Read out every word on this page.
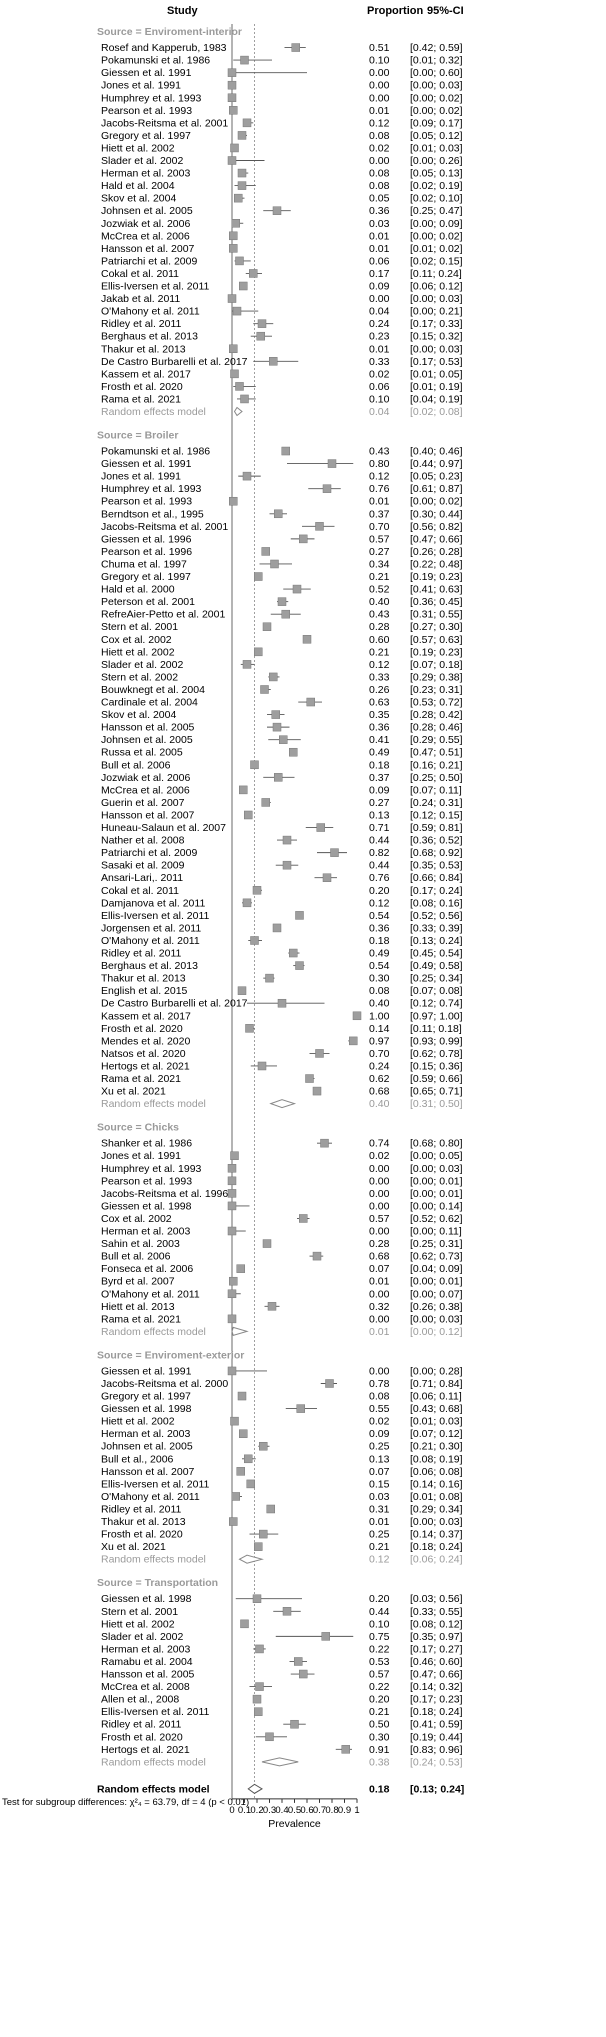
Study	Proportion 95%-CI
Source = Enviroment-interior
Rosef and Kapperub, 1983	0.51 [0.42; 0.59]
Pokamunski et al. 1986	0.10 [0.01; 0.32]
Giessen et al. 1991	0.00 [0.00; 0.60]
Jones et al. 1991	0.00 [0.00; 0.03]
Humphrey et al. 1993	0.00 [0.00; 0.02]
Pearson et al. 1993	0.01 [0.00; 0.02]
Jacobs-Reitsma et al. 2001	0.12 [0.09; 0.17]
Gregory et al. 1997	0.08 [0.05; 0.12]
Hiett et al. 2002	0.02 [0.01; 0.03]
Slader et al. 2002	0.00 [0.00; 0.26]
Herman et al. 2003	0.08 [0.05; 0.13]
Hald et al. 2004	0.08 [0.02; 0.19]
Skov et al. 2004	0.05 [0.02; 0.10]
Johnsen et al. 2005	0.36 [0.25; 0.47]
Jozwiak et al. 2006	0.03 [0.00; 0.09]
McCrea et al. 2006	0.01 [0.00; 0.02]
Hansson et al. 2007	0.01 [0.01; 0.02]
Patriarchi et al. 2009	0.06 [0.02; 0.15]
Cokal et al. 2011	0.17 [0.11; 0.24]
Ellis-Iversen et al. 2011	0.09 [0.06; 0.12]
Jakab et al. 2011	0.00 [0.00; 0.03]
O'Mahony et al. 2011	0.04 [0.00; 0.21]
Ridley et al. 2011	0.24 [0.17; 0.33]
Berghaus et al. 2013	0.23 [0.15; 0.32]
Thakur et al. 2013	0.01 [0.00; 0.03]
De Castro Burbarelli et al. 2017	0.33 [0.17; 0.53]
Kassem et al. 2017	0.02 [0.01; 0.05]
Frosth et al. 2020	0.06 [0.01; 0.19]
Rama et al. 2021	0.10 [0.04; 0.19]
Random effects model	0.04 [0.02; 0.08]
Source = Broiler
Pokamunski et al. 1986	0.43 [0.40; 0.46]
Giessen et al. 1991	0.80 [0.44; 0.97]
Jones et al. 1991	0.12 [0.05; 0.23]
Humphrey et al. 1993	0.76 [0.61; 0.87]
Pearson et al. 1993	0.01 [0.00; 0.02]
Berndtson et al., 1995	0.37 [0.30; 0.44]
Jacobs-Reitsma et al. 2001	0.70 [0.56; 0.82]
Giessen et al. 1996	0.57 [0.47; 0.66]
Pearson et al. 1996	0.27 [0.26; 0.28]
Chuma et al. 1997	0.34 [0.22; 0.48]
Gregory et al. 1997	0.21 [0.19; 0.23]
Hald et al. 2000	0.52 [0.41; 0.63]
Peterson et al. 2001	0.40 [0.36; 0.45]
RefreAier-Petto et al. 2001	0.43 [0.31; 0.55]
Stern et al. 2001	0.28 [0.27; 0.30]
Cox et al. 2002	0.60 [0.57; 0.63]
Hiett et al. 2002	0.21 [0.19; 0.23]
Slader et al. 2002	0.12 [0.07; 0.18]
Stern et al. 2002	0.33 [0.29; 0.38]
Bouwknegt et al. 2004	0.26 [0.23; 0.31]
Cardinale et al. 2004	0.63 [0.53; 0.72]
Skov et al. 2004	0.35 [0.28; 0.42]
Hansson et al. 2005	0.36 [0.28; 0.46]
Johnsen et al. 2005	0.41 [0.29; 0.55]
Russa et al. 2005	0.49 [0.47; 0.51]
Bull et al. 2006	0.18 [0.16; 0.21]
Jozwiak et al. 2006	0.37 [0.25; 0.50]
McCrea et al. 2006	0.09 [0.07; 0.11]
Guerin et al. 2007	0.27 [0.24; 0.31]
Hansson et al. 2007	0.13 [0.12; 0.15]
Huneau-Salaun et al. 2007	0.71 [0.59; 0.81]
Nather et al. 2008	0.44 [0.36; 0.52]
Patriarchi et al. 2009	0.82 [0.68; 0.92]
Sasaki et al. 2009	0.44 [0.35; 0.53]
Ansari-Lari,. 2011	0.76 [0.66; 0.84]
Cokal et al. 2011	0.20 [0.17; 0.24]
Damjanova et al. 2011	0.12 [0.08; 0.16]
Ellis-Iversen et al. 2011	0.54 [0.52; 0.56]
Jorgensen et al. 2011	0.36 [0.33; 0.39]
O'Mahony et al. 2011	0.18 [0.13; 0.24]
Ridley et al. 2011	0.49 [0.45; 0.54]
Berghaus et al. 2013	0.54 [0.49; 0.58]
Thakur et al. 2013	0.30 [0.25; 0.34]
English et al. 2015	0.08 [0.07; 0.08]
De Castro Burbarelli et al. 2017	0.40 [0.12; 0.74]
Kassem et al. 2017	1.00 [0.97; 1.00]
Frosth et al. 2020	0.14 [0.11; 0.18]
Mendes et al. 2020	0.97 [0.93; 0.99]
Natsos et al. 2020	0.70 [0.62; 0.78]
Hertogs et al. 2021	0.24 [0.15; 0.36]
Rama et al. 2021	0.62 [0.59; 0.66]
Xu et al. 2021	0.68 [0.65; 0.71]
Random effects model	0.40 [0.31; 0.50]
Source = Chicks
Shanker et al. 1986	0.74 [0.68; 0.80]
Jones et al. 1991	0.02 [0.00; 0.05]
Humphrey et al. 1993	0.00 [0.00; 0.03]
Pearson et al. 1993	0.00 [0.00; 0.01]
Jacobs-Reitsma et al. 1996	0.00 [0.00; 0.01]
Giessen et al. 1998	0.00 [0.00; 0.14]
Cox et al. 2002	0.57 [0.52; 0.62]
Herman et al. 2003	0.00 [0.00; 0.11]
Sahin et al. 2003	0.28 [0.25; 0.31]
Bull et al. 2006	0.68 [0.62; 0.73]
Fonseca et al. 2006	0.07 [0.04; 0.09]
Byrd et al. 2007	0.01 [0.00; 0.01]
O'Mahony et al. 2011	0.00 [0.00; 0.07]
Hiett et al. 2013	0.32 [0.26; 0.38]
Rama et al. 2021	0.00 [0.00; 0.03]
Random effects model	0.01 [0.00; 0.12]
Source = Enviroment-exterior
Giessen et al. 1991	0.00 [0.00; 0.28]
Jacobs-Reitsma et al. 2000	0.78 [0.71; 0.84]
Gregory et al. 1997	0.08 [0.06; 0.11]
Giessen et al. 1998	0.55 [0.43; 0.68]
Hiett et al. 2002	0.02 [0.01; 0.03]
Herman et al. 2003	0.09 [0.07; 0.12]
Johnsen et al. 2005	0.25 [0.21; 0.30]
Bull et al., 2006	0.13 [0.08; 0.19]
Hansson et al. 2007	0.07 [0.06; 0.08]
Ellis-Iversen et al. 2011	0.15 [0.14; 0.16]
O'Mahony et al. 2011	0.03 [0.01; 0.08]
Ridley et al. 2011	0.31 [0.29; 0.34]
Thakur et al. 2013	0.01 [0.00; 0.03]
Frosth et al. 2020	0.25 [0.14; 0.37]
Xu et al. 2021	0.21 [0.18; 0.24]
Random effects model	0.12 [0.06; 0.24]
Source = Transportation
Giessen et al. 1998	0.20 [0.03; 0.56]
Stern et al. 2001	0.44 [0.33; 0.55]
Hiett et al. 2002	0.10 [0.08; 0.12]
Slader et al. 2002	0.75 [0.35; 0.97]
Herman et al. 2003	0.22 [0.17; 0.27]
Ramabu et al. 2004	0.53 [0.46; 0.60]
Hansson et al. 2005	0.57 [0.47; 0.66]
McCrea et al. 2008	0.22 [0.14; 0.32]
Allen et al., 2008	0.20 [0.17; 0.23]
Ellis-Iversen et al. 2011	0.21 [0.18; 0.24]
Ridley et al. 2011	0.50 [0.41; 0.59]
Frosth et al. 2020	0.30 [0.19; 0.44]
Hertogs et al. 2021	0.91 [0.83; 0.96]
Random effects model	0.38 [0.24; 0.53]
Random effects model	0.18 [0.13; 0.24]
Test for subgroup differences: χ²₄ = 63.79, df = 4 (p < 0.01)
0 0.1 0.2 0.3 0.4 0.5 0.6 0.7 0.8 0.9 1
Prevalence
